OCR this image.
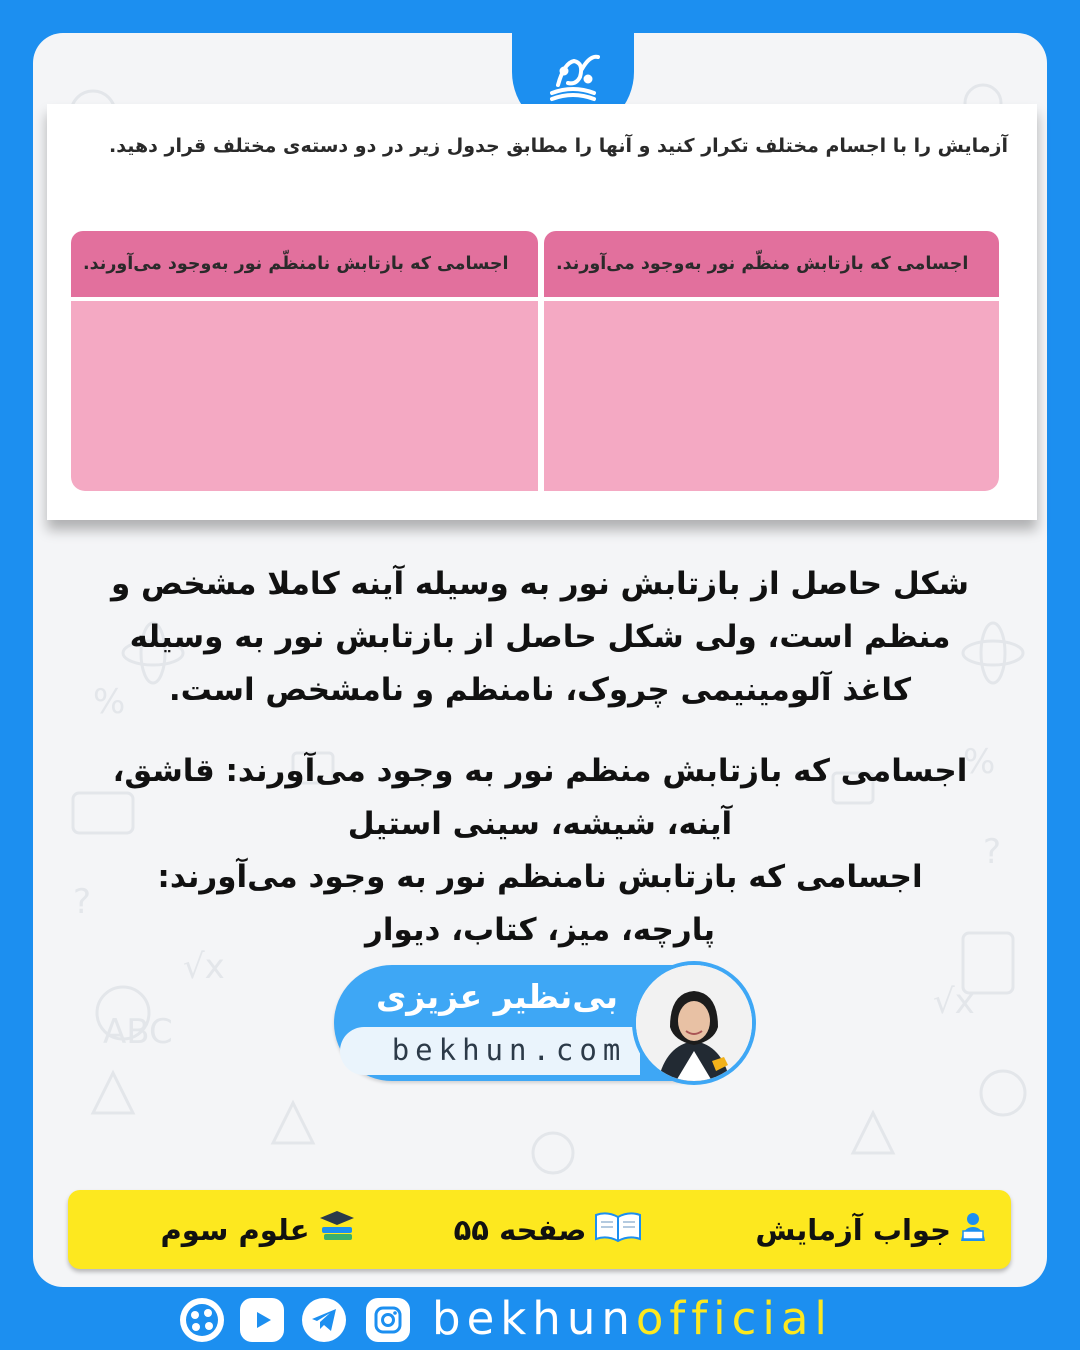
%
?
√x
√x
ABC
?
%
آزمایش را با اجسام مختلف تکرار کنید و آنها را مطابق جدول زیر در دو دسته‌ی مختلف قرار دهید.
اجسامی که بازتابش منظّم نور به‌وجود می‌آورند.
اجسامی که بازتابش نامنظّم نور به‌وجود می‌آورند.
شکل حاصل از بازتابش نور به وسیله آینه کاملا مشخص و منظم است، ولی شکل حاصل از بازتابش نور به وسیله کاغذ آلومینیمی چروک، نامنظم و نامشخص است.
اجسامی که بازتابش منظم نور به وجود می‌آورند: قاشق،
آینه، شیشه، سینی استیل
اجسامی که بازتابش نامنظم نور به وجود می‌آورند:
پارچه، میز، کتاب، دیوار
بی‌نظیر عزیزی
bekhun.com
جواب آزمایش
صفحه ۵۵
علوم سوم
bekhunofficial
